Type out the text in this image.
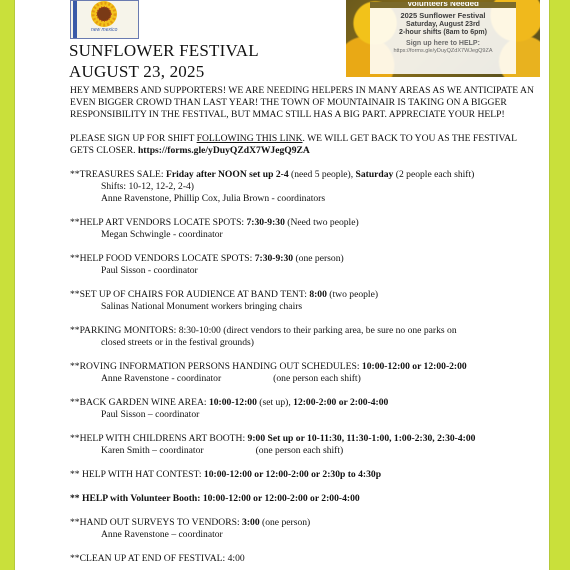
new mexico
Volunteers Needed
2025 Sunflower Festival
Saturday, August 23rd
2-hour shifts (8am to 6pm)
Sign up here to HELP:
https://forms.gle/yDuyQZdX7WJegQ9ZA
SUNFLOWER FESTIVAL
AUGUST 23, 2025

HEY MEMBERS AND SUPPORTERS! WE ARE NEEDING HELPERS IN MANY AREAS AS WE ANTICIPATE AN EVEN BIGGER CROWD THAN LAST YEAR! THE TOWN OF MOUNTAINAIR IS TAKING ON A BIGGER RESPONSIBILITY IN THE FESTIVAL, BUT MMAC STILL HAS A BIG PART. APPRECIATE YOUR HELP!

PLEASE SIGN UP FOR SHIFT FOLLOWING THIS LINK. WE WILL GET BACK TO YOU AS THE FESTIVAL GETS CLOSER. https://forms.gle/yDuyQZdX7WJegQ9ZA

**TREASURES SALE: Friday after NOON set up 2-4 (need 5 people), Saturday (2 people each shift)
Shifts: 10-12, 12-2, 2-4)
Anne Ravenstone, Phillip Cox, Julia Brown - coordinators
**HELP ART VENDORS LOCATE SPOTS: 7:30-9:30 (Need two people)
Megan Schwingle - coordinator
**HELP FOOD VENDORS LOCATE SPOTS: 7:30-9:30 (one person)
Paul Sisson - coordinator
**SET UP OF CHAIRS FOR AUDIENCE AT BAND TENT: 8:00 (two people)
Salinas National Monument workers bringing chairs
**PARKING MONITORS: 8:30-10:00 (direct vendors to their parking area, be sure no one parks on
closed streets or in the festival grounds)
**ROVING INFORMATION PERSONS HANDING OUT SCHEDULES: 10:00-12:00 or 12:00-2:00
Anne Ravenstone - coordinator	(one person each shift)
**BACK GARDEN WINE AREA: 10:00-12:00 (set up), 12:00-2:00 or 2:00-4:00
Paul Sisson – coordinator
**HELP WITH CHILDRENS ART BOOTH: 9:00 Set up or 10-11:30, 11:30-1:00, 1:00-2:30, 2:30-4:00
Karen Smith – coordinator	(one person each shift)
** HELP WITH HAT CONTEST: 10:00-12:00 or 12:00-2:00 or 2:30p to 4:30p
** HELP with Volunteer Booth: 10:00-12:00 or 12:00-2:00 or 2:00-4:00
**HAND OUT SURVEYS TO VENDORS: 3:00 (one person)
Anne Ravenstone – coordinator
**CLEAN UP AT END OF FESTIVAL: 4:00
